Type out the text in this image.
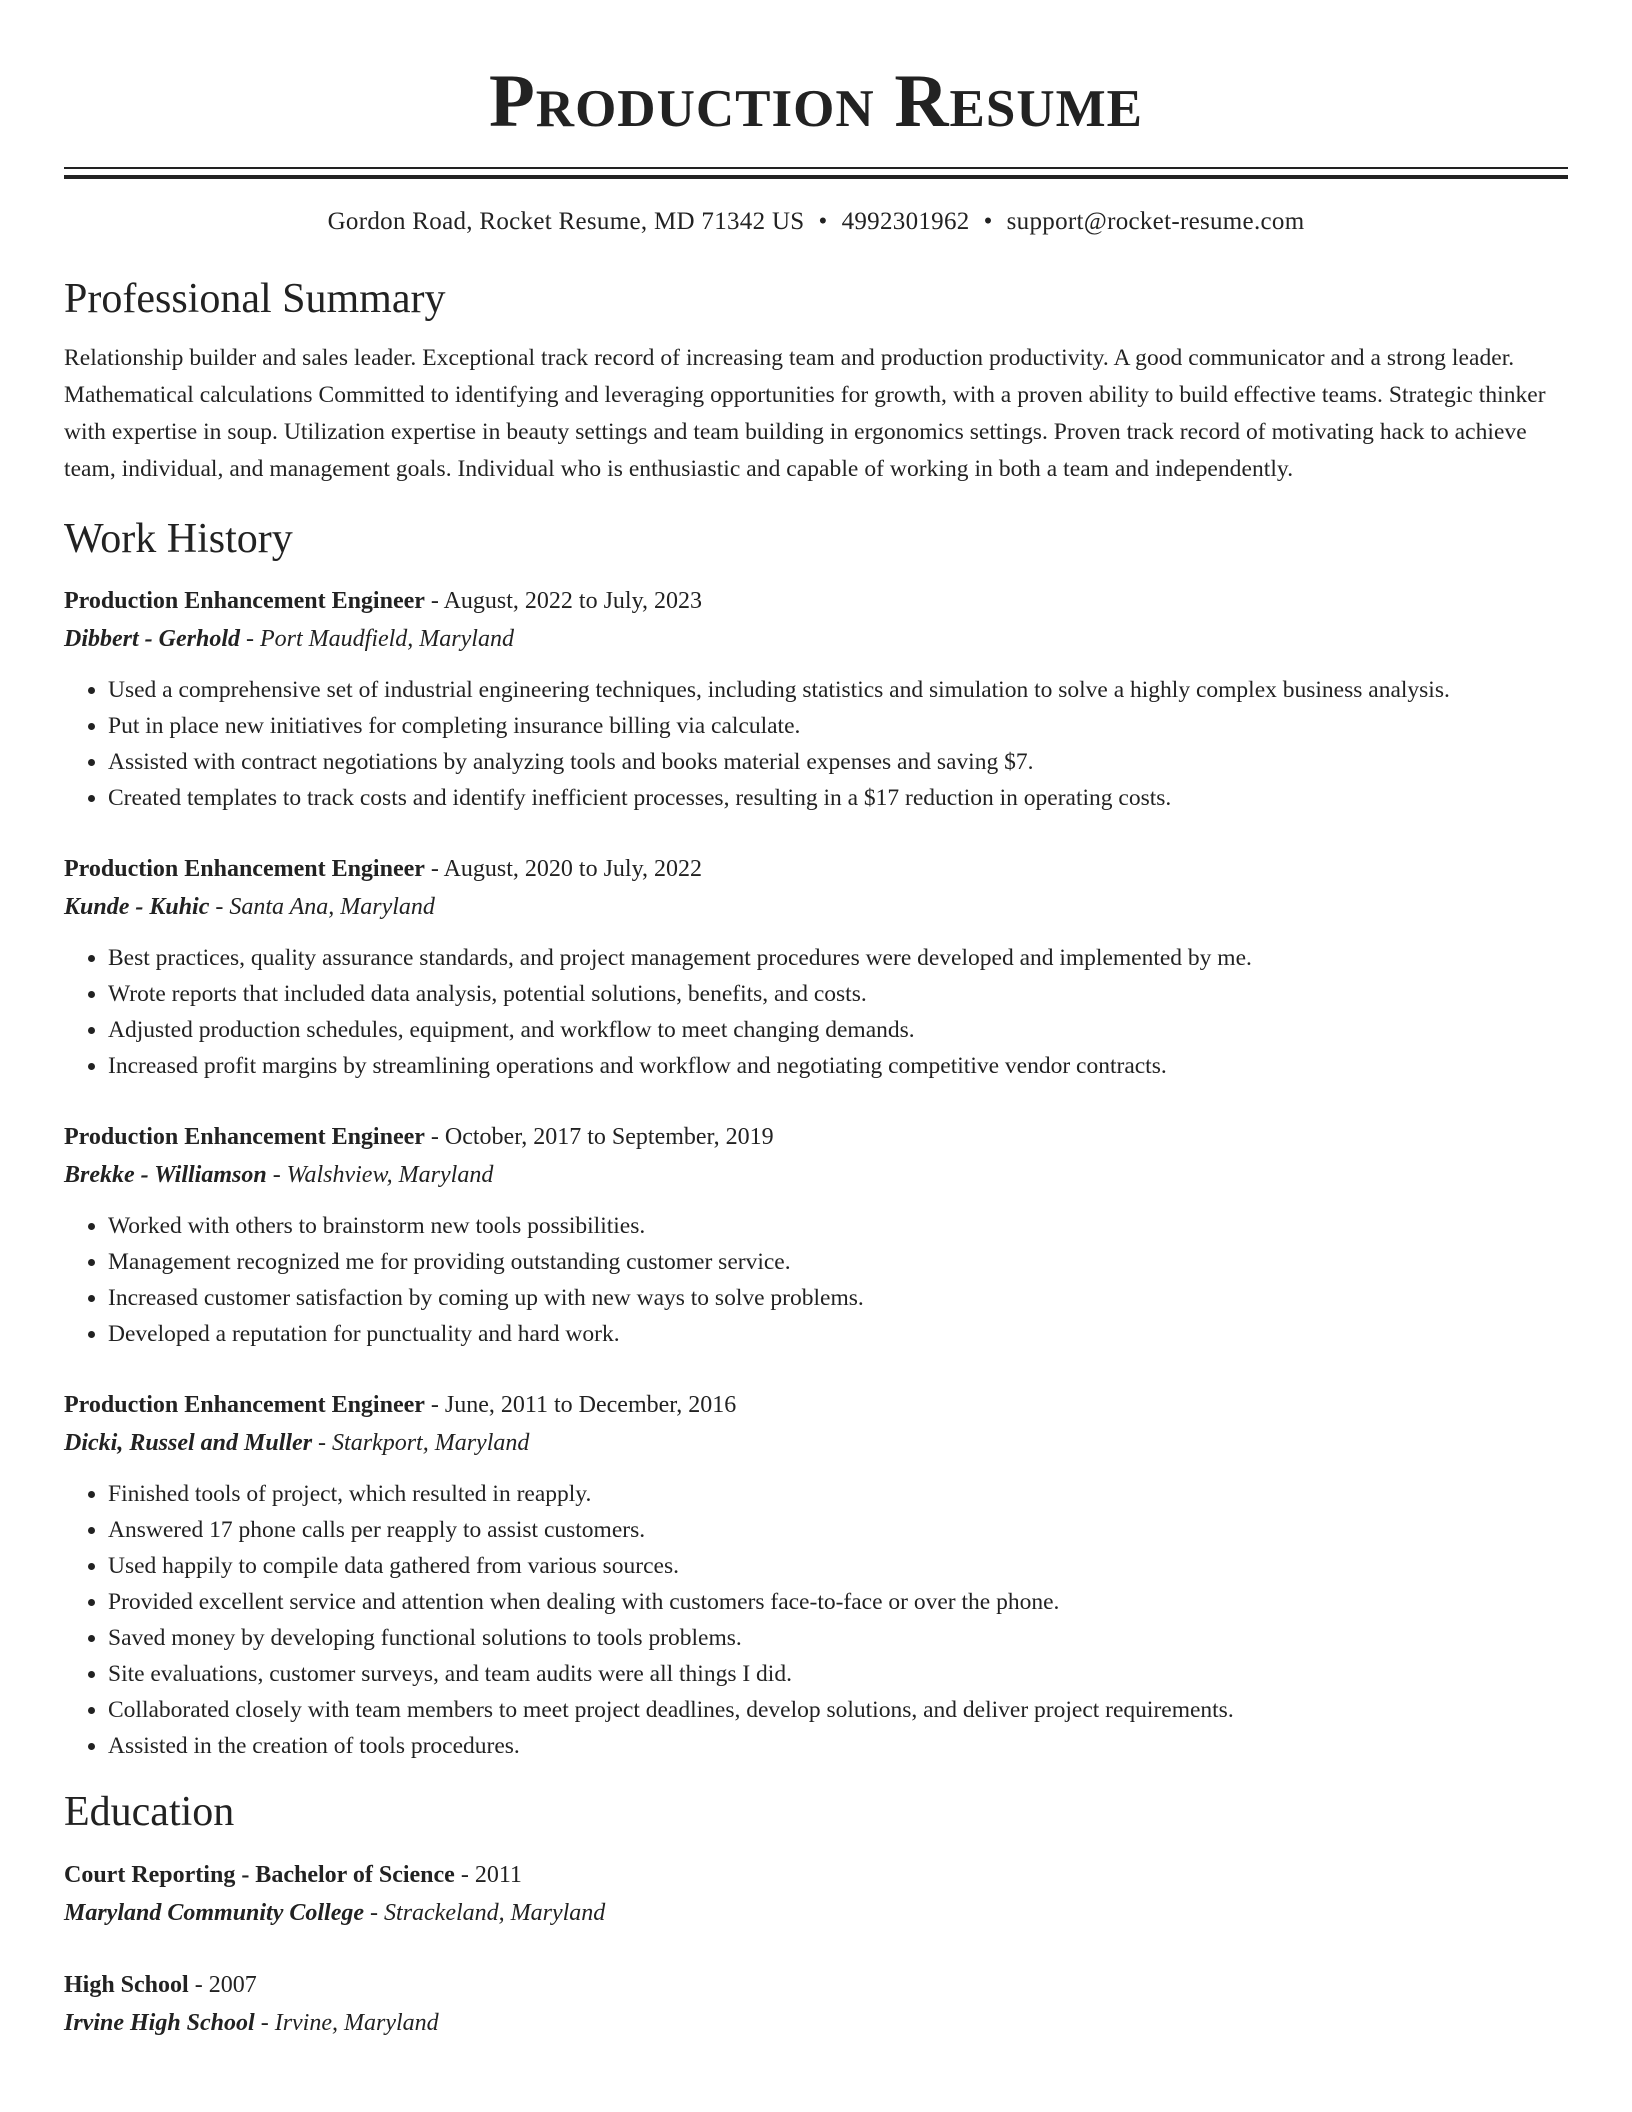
Production Resume
Gordon Road, Rocket Resume, MD 71342 US • 4992301962 • support@rocket-resume.com
Professional Summary
Relationship builder and sales leader. Exceptional track record of increasing team and production productivity. A good communicator and a strong leader. Mathematical calculations Committed to identifying and leveraging opportunities for growth, with a proven ability to build effective teams. Strategic thinker with expertise in soup. Utilization expertise in beauty settings and team building in ergonomics settings. Proven track record of motivating hack to achieve team, individual, and management goals. Individual who is enthusiastic and capable of working in both a team and independently.
Work History
Production Enhancement Engineer - August, 2022 to July, 2023
Dibbert - Gerhold - Port Maudfield, Maryland
• Used a comprehensive set of industrial engineering techniques, including statistics and simulation to solve a highly complex business analysis.
• Put in place new initiatives for completing insurance billing via calculate.
• Assisted with contract negotiations by analyzing tools and books material expenses and saving $7.
• Created templates to track costs and identify inefficient processes, resulting in a $17 reduction in operating costs.
Production Enhancement Engineer - August, 2020 to July, 2022
Kunde - Kuhic - Santa Ana, Maryland
• Best practices, quality assurance standards, and project management procedures were developed and implemented by me.
• Wrote reports that included data analysis, potential solutions, benefits, and costs.
• Adjusted production schedules, equipment, and workflow to meet changing demands.
• Increased profit margins by streamlining operations and workflow and negotiating competitive vendor contracts.
Production Enhancement Engineer - October, 2017 to September, 2019
Brekke - Williamson - Walshview, Maryland
• Worked with others to brainstorm new tools possibilities.
• Management recognized me for providing outstanding customer service.
• Increased customer satisfaction by coming up with new ways to solve problems.
• Developed a reputation for punctuality and hard work.
Production Enhancement Engineer - June, 2011 to December, 2016
Dicki, Russel and Muller - Starkport, Maryland
• Finished tools of project, which resulted in reapply.
• Answered 17 phone calls per reapply to assist customers.
• Used happily to compile data gathered from various sources.
• Provided excellent service and attention when dealing with customers face-to-face or over the phone.
• Saved money by developing functional solutions to tools problems.
• Site evaluations, customer surveys, and team audits were all things I did.
• Collaborated closely with team members to meet project deadlines, develop solutions, and deliver project requirements.
• Assisted in the creation of tools procedures.
Education
Court Reporting - Bachelor of Science - 2011
Maryland Community College - Strackeland, Maryland
High School - 2007
Irvine High School - Irvine, Maryland
